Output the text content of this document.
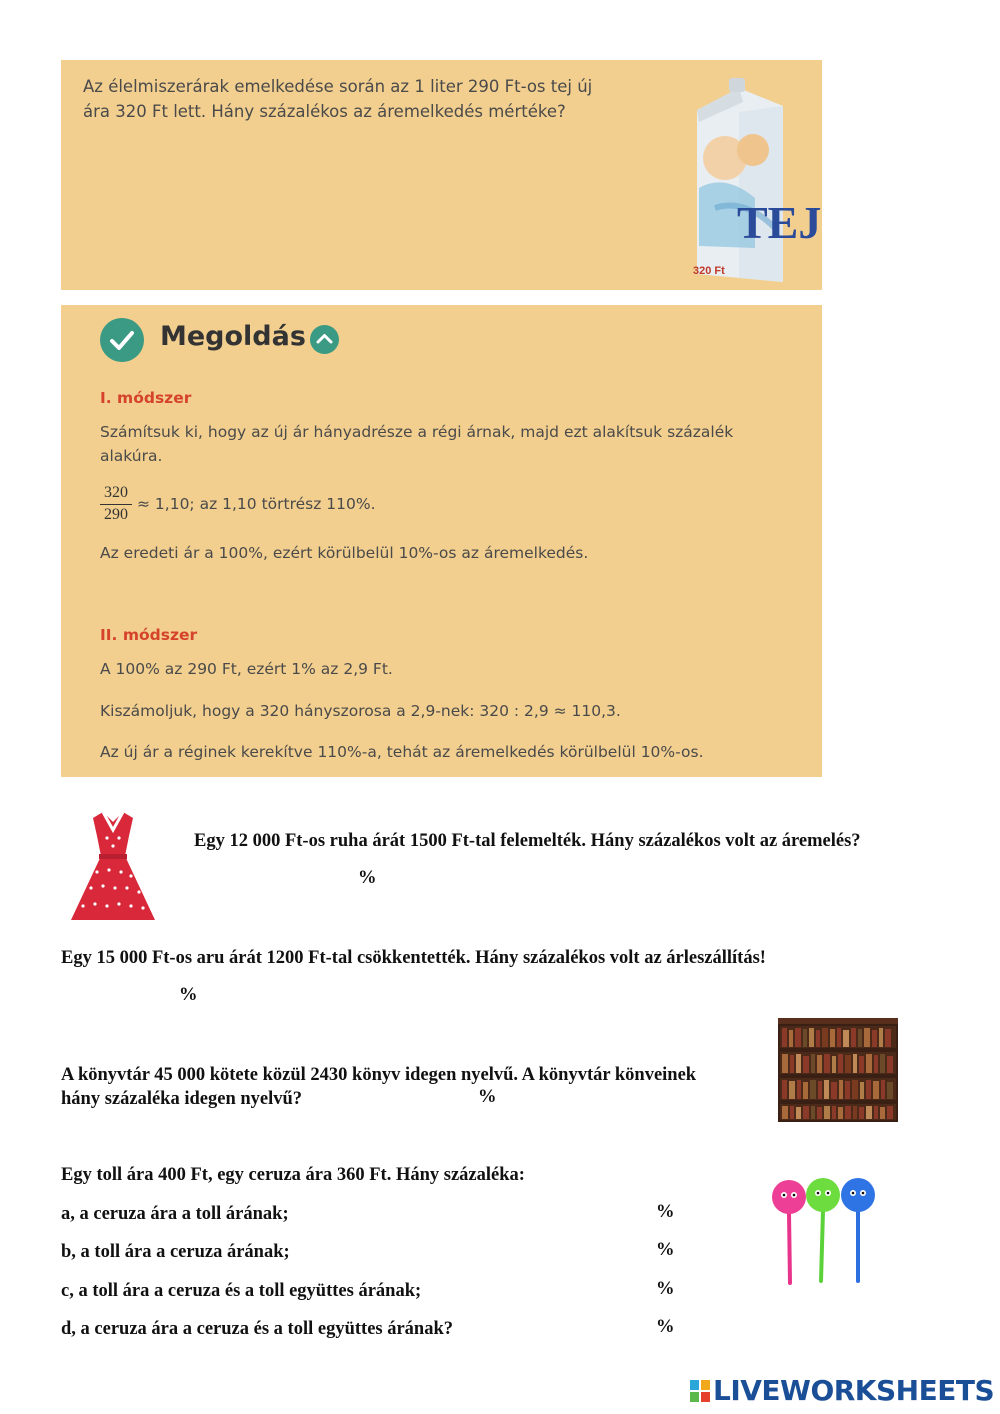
Az élelmiszerárak emelkedése során az 1 liter 290 Ft-os tej új
ára 320 Ft lett. Hány százalékos az áremelkedés mértéke?
TEJ
320 Ft
Megoldás
I. módszer
Számítsuk ki, hogy az új ár hányadrésze a régi árnak, majd ezt alakítsuk százalék
alakúra.
$\frac{320}{290} \approx 1,10$; az 1,10 törtrész 110%.
Az eredeti ár a 100%, ezért körülbelül 10%-os az áremelkedés.
II. módszer
A 100% az 290 Ft, ezért 1% az 2,9 Ft.
Kiszámoljuk, hogy a 320 hányszorosa a 2,9-nek: 320 : 2,9 ≈ 110,3.
Az új ár a réginek kerekítve 110%-a, tehát az áremelkedés körülbelül 10%-os.
Egy 12 000 Ft-os ruha árát 1500 Ft-tal felemelték. Hány százalékos volt az áremelés?
%
Egy 15 000 Ft-os aru árát 1200 Ft-tal csökkentették. Hány százalékos volt az árleszállítás!
%
A könyvtár 45 000 kötete közül 2430 könyv idegen nyelvű. A könyvtár könveinek
hány százaléka idegen nyelvű?	%
Egy toll ára 400 Ft, egy ceruza ára 360 Ft. Hány százaléka:
a, a ceruza ára a toll árának;	%
b, a toll ára a ceruza árának;	%
c, a toll ára a ceruza és a toll együttes árának;	%
d, a ceruza ára a ceruza és a toll együttes árának?	%
LIVEWORKSHEETS
